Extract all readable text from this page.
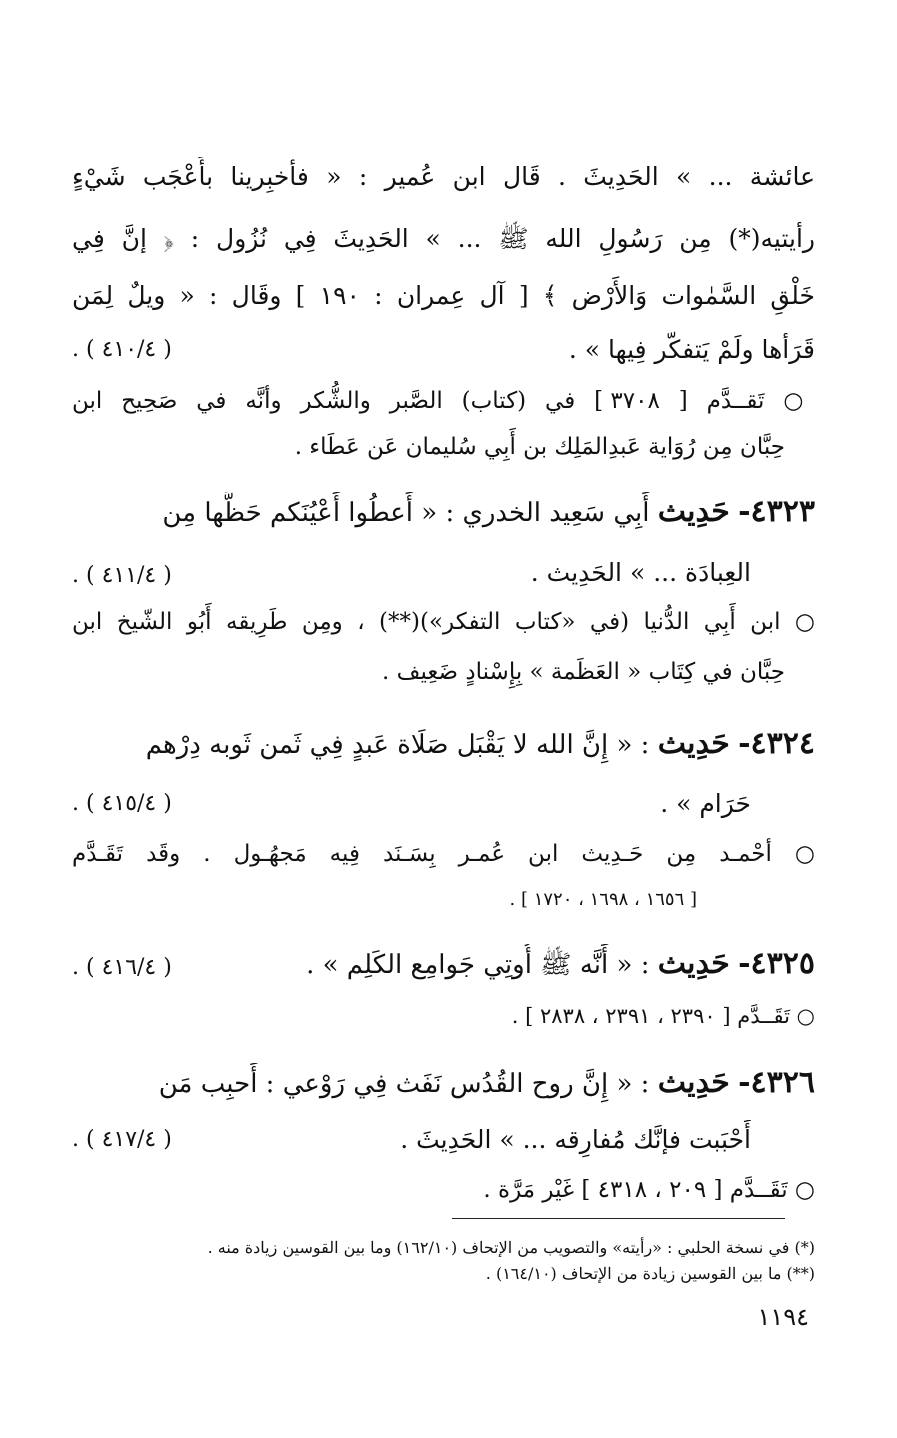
عائشة ... » الحَدِيثَ . قَال ابن عُمير : « فأخبِرينا بأَعْجَب شَيْءٍ
رأيتيه(*) مِن رَسُولِ الله ﷺ ... » الحَدِيثَ فِي نُزُول : ﴿ إنَّ فِي
خَلْقِ السَّمٰوات وَالأَرْض ﴾ [ آل عِمران : ١٩٠ ] وقَال : « ويلٌ لِمَن
قَرَأها ولَمْ يَتفكّر فِيها » .
( ٤١٠/٤ ) .
○ تَقــدَّم [ ٣٧٠٨ ] في (كتاب) الصَّبر والشُّكر وأنَّه في صَحِيح ابن
حِبَّان مِن رُوَاية عَبدِالمَلِك بن أَبِي سُليمان عَن عَطَاء .
٤٣٢٣- حَدِيث أَبِي سَعِيد الخدري : « أَعطُوا أَعْيُنَكم حَظَّها مِن
العِبادَة ... » الحَدِيث .
( ٤١١/٤ ) .
○ ابن أَبِي الدُّنيا (في «كتاب التفكر»)(**) ، ومِن طَرِيقه أَبُو الشّيخ ابن
حِبَّان في كِتَاب « العَظَمة » بِإِسْنادٍ ضَعِيف .
٤٣٢٤- حَدِيث : « إِنَّ الله لا يَقْبَل صَلَاة عَبدٍ فِي ثَمن ثَوبه دِرْهم
حَرَام » .
( ٤١٥/٤ ) .
○ أحْمـد مِن حَـدِيث ابن عُمـر بِسَـنَد فِيه مَجهُـول . وقَد تَقَـدَّم
[ ١٦٥٦ ، ١٦٩٨ ، ١٧٢٠ ] .
٤٣٢٥- حَدِيث : « أَنَّه ﷺ أُوتِي جَوامِع الكَلِم » .
( ٤١٦/٤ ) .
○ تَقَــدَّم [ ٢٣٩٠ ، ٢٣٩١ ، ٢٨٣٨ ] .
٤٣٢٦- حَدِيث : « إِنَّ روح القُدُس نَفَث فِي رَوْعي : أَحبِب مَن
أَحْبَبت فإنَّك مُفارِقه ... » الحَدِيثَ .
( ٤١٧/٤ ) .
○ تَقَــدَّم [ ٢٠٩ ، ٤٣١٨ ] غَيْر مَرَّة .
(*) في نسخة الحلبي : «رأيته» والتصويب من الإتحاف (١٦٢/١٠) وما بين القوسين زيادة منه .
(**) ما بين القوسين زيادة من الإتحاف (١٦٤/١٠) .
١١٩٤
